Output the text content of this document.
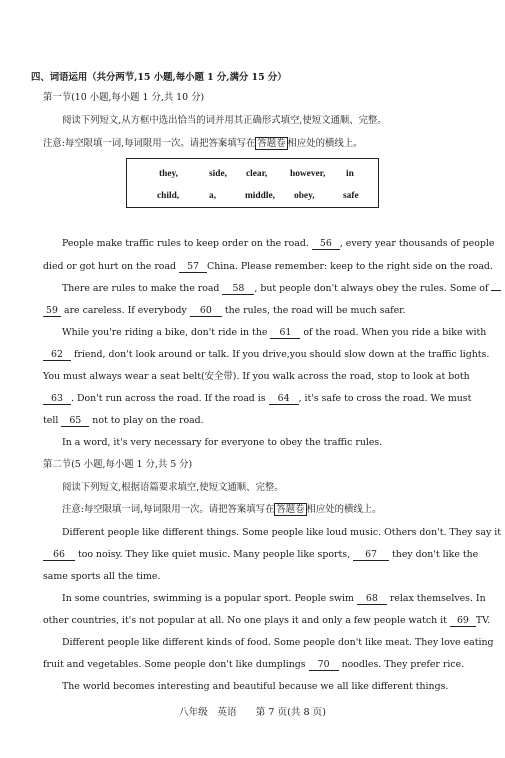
四、词语运用（共分两节,15 小题,每小题 1 分,满分 15 分）
第一节(10 小题,每小题 1 分,共 10 分)
阅读下列短文,从方框中选出恰当的词并用其正确形式填空,使短文通顺、完整。
注意:每空限填一词,每词限用一次。请把答案填写在 答题卷 相应处的横线上。
they,	side, clear, however, in
child,	a,	middle, obey,	safe
People make traffic rules to keep order on the road. 56 , every year thousands of people
died or got hurt on the road 57 China. Please remember: keep to the right side on the road.
There are rules to make the road 58 , but people don't always obey the rules. Some of
59 are careless. If everybody 60 the rules, the road will be much safer.
While you're riding a bike, don't ride in the 61 of the road. When you ride a bike with
62 friend, don't look around or talk. If you drive,you should slow down at the traffic lights.
You must always wear a seat belt(安全带). If you walk across the road, stop to look at both
63 . Don't run across the road. If the road is 64 , it's safe to cross the road. We must
tell 65 not to play on the road.
In a word, it's very necessary for everyone to obey the traffic rules.
第二节(5 小题,每小题 1 分,共 5 分)
阅读下列短文,根据语篇要求填空,使短文通顺、完整。
注意:每空限填一词,每词限用一次。请把答案填写在 答题卷 相应处的横线上。
Different people like different things. Some people like loud music. Others don't. They say it
66 too noisy. They like quiet music. Many people like sports, 67 they don't like the
same sports all the time.
In some countries, swimming is a popular sport. People swim 68 relax themselves. In
other countries, it's not popular at all. No one plays it and only a few people watch it 69 TV.
Different people like different kinds of food. Some people don't like meat. They love eating
fruit and vegetables. Some people don't like dumplings 70 noodles. They prefer rice.
The world becomes interesting and beautiful because we all like different things.
八年级　英语　　第 7 页(共 8 页)
